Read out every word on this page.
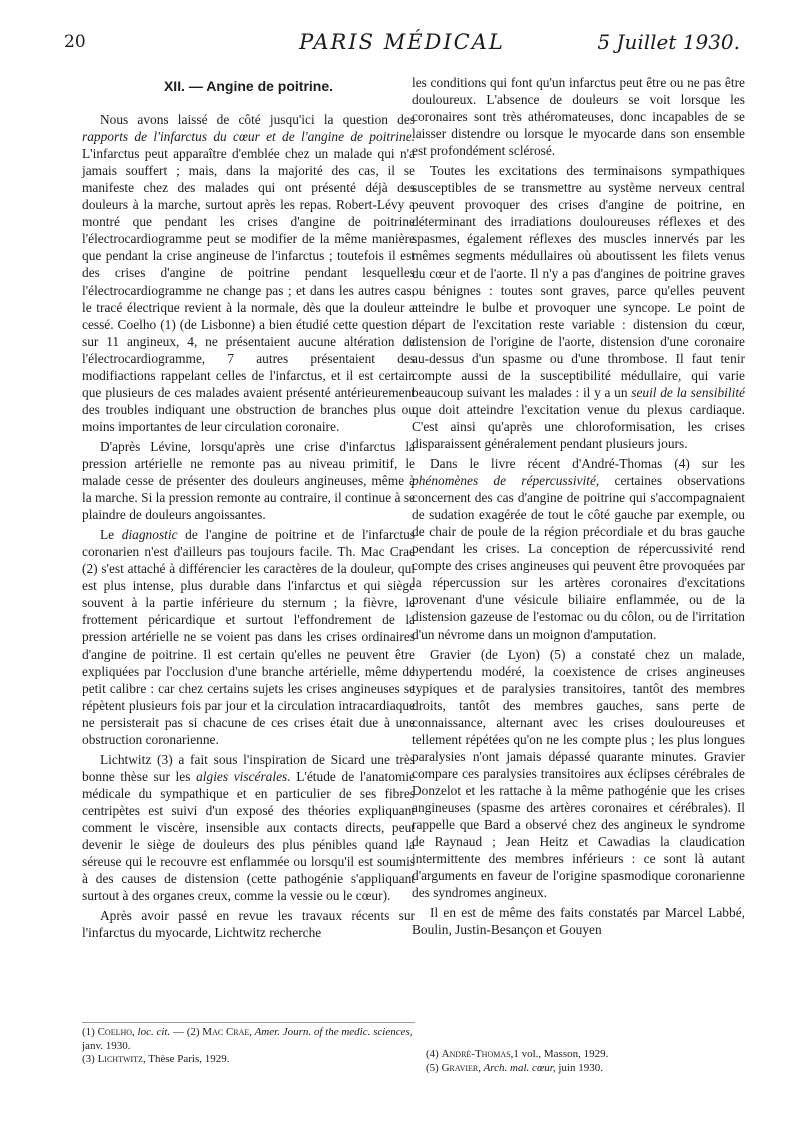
20	PARIS MÉDICAL	5 Juillet 1930.
XII. — Angine de poitrine.

Nous avons laissé de côté jusqu'ici la question des rapports de l'infarctus du cœur et de l'angine de poitrine. L'infarctus peut apparaître d'emblée chez un malade qui n'a jamais souffert ; mais, dans la majorité des cas, il se manifeste chez des malades qui ont présenté déjà des douleurs à la marche, surtout après les repas. Robert-Lévy a montré que pendant les crises d'angine de poitrine l'électrocardiogramme peut se modifier de la même manière que pendant la crise angineuse de l'infarctus ; toutefois il est des crises d'angine de poitrine pendant lesquelles l'électrocardiogramme ne change pas ; et dans les autres cas, le tracé électrique revient à la normale, dès que la douleur a cessé. Coelho (1) (de Lisbonne) a bien étudié cette question : sur 11 angineux, 4, ne présentaient aucune altération de l'électrocardiogramme, 7 autres présentaient des modifiactions rappelant celles de l'infarctus, et il est certain que plusieurs de ces malades avaient présenté antérieurement des troubles indiquant une obstruction de branches plus ou moins importantes de leur circulation coronaire.

D'après Lévine, lorsqu'après une crise d'infarctus la pression artérielle ne remonte pas au niveau primitif, le malade cesse de présenter des douleurs angineuses, même à la marche. Si la pression remonte au contraire, il continue à se plaindre de douleurs angoissantes.

Le diagnostic de l'angine de poitrine et de l'infarctus coronarien n'est d'ailleurs pas toujours facile. Th. Mac Crae (2) s'est attaché à différencier les caractères de la douleur, qui est plus intense, plus durable dans l'infarctus et qui siège souvent à la partie inférieure du sternum ; la fièvre, le frottement péricardique et surtout l'effondrement de la pression artérielle ne se voient pas dans les crises ordinaires d'angine de poitrine. Il est certain qu'elles ne peuvent être expliquées par l'occlusion d'une branche artérielle, même de petit calibre : car chez certains sujets les crises angineuses se répètent plusieurs fois par jour et la circulation intracardiaque ne persisterait pas si chacune de ces crises était due à une obstruction coronarienne.

Lichtwitz (3) a fait sous l'inspiration de Sicard une très bonne thèse sur les algies viscérales. L'étude de l'anatomie médicale du sympathique et en particulier de ses fibres centripètes est suivi d'un exposé des théories expliquant comment le viscère, insensible aux contacts directs, peut devenir le siège de douleurs des plus pénibles quand la séreuse qui le recouvre est enflammée ou lorsqu'il est soumis à des causes de distension (cette pathogénie s'appliquant surtout à des organes creux, comme la vessie ou le cœur).

Après avoir passé en revue les travaux récents sur l'infarctus du myocarde, Lichtwitz recherche

les conditions qui font qu'un infarctus peut être ou ne pas être douloureux. L'absence de douleurs se voit lorsque les coronaires sont très athéromateuses, donc incapables de se laisser distendre ou lorsque le myocarde dans son ensemble est profondément sclérosé.

Toutes les excitations des terminaisons sympathiques susceptibles de se transmettre au système nerveux central peuvent provoquer des crises d'angine de poitrine, en déterminant des irradiations douloureuses réflexes et des spasmes, également réflexes des muscles innervés par les mêmes segments médullaires où aboutissent les filets venus du cœur et de l'aorte. Il n'y a pas d'angines de poitrine graves ou bénignes : toutes sont graves, parce qu'elles peuvent atteindre le bulbe et provoquer une syncope. Le point de départ de l'excitation reste variable : distension du cœur, distension de l'origine de l'aorte, distension d'une coronaire au-dessus d'un spasme ou d'une thrombose. Il faut tenir compte aussi de la susceptibilité médullaire, qui varie beaucoup suivant les malades : il y a un seuil de la sensibilité que doit atteindre l'excitation venue du plexus cardiaque. C'est ainsi qu'après une chloroformisation, les crises disparaissent généralement pendant plusieurs jours.

Dans le livre récent d'André-Thomas (4) sur les phénomènes de répercussivité, certaines observations concernent des cas d'angine de poitrine qui s'accompagnaient de sudation exagérée de tout le côté gauche par exemple, ou de chair de poule de la région précordiale et du bras gauche pendant les crises. La conception de répercussivité rend compte des crises angineuses qui peuvent être provoquées par la répercussion sur les artères coronaires d'excitations provenant d'une vésicule biliaire enflammée, ou de la distension gazeuse de l'estomac ou du côlon, ou de l'irritation d'un névrome dans un moignon d'amputation.

Gravier (de Lyon) (5) a constaté chez un malade, hypertendu modéré, la coexistence de crises angineuses typiques et de paralysies transitoires, tantôt des membres droits, tantôt des membres gauches, sans perte de connaissance, alternant avec les crises douloureuses et tellement répétées qu'on ne les compte plus ; les plus longues paralysies n'ont jamais dépassé quarante minutes. Gravier compare ces paralysies transitoires aux éclipses cérébrales de Donzelot et les rattache à la même pathogénie que les crises angineuses (spasme des artères coronaires et cérébrales). Il rappelle que Bard a observé chez des angineux le syndrome de Raynaud ; Jean Heitz et Cawadias la claudication intermittente des membres inférieurs : ce sont là autant d'arguments en faveur de l'origine spasmodique coronarienne des syndromes angineux.

Il en est de même des faits constatés par Marcel Labbé, Boulin, Justin-Besançon et Gouyen

(1) Coelho, loc. cit. — (2) Mac Crae, Amer. Journ. of the medic. sciences, janv. 1930.

(3) Lichtwitz, Thèse Paris, 1929.	(4) André-Thomas,1 vol., Masson, 1929.

(5) Gravier, Arch. mal. cœur, juin 1930.
